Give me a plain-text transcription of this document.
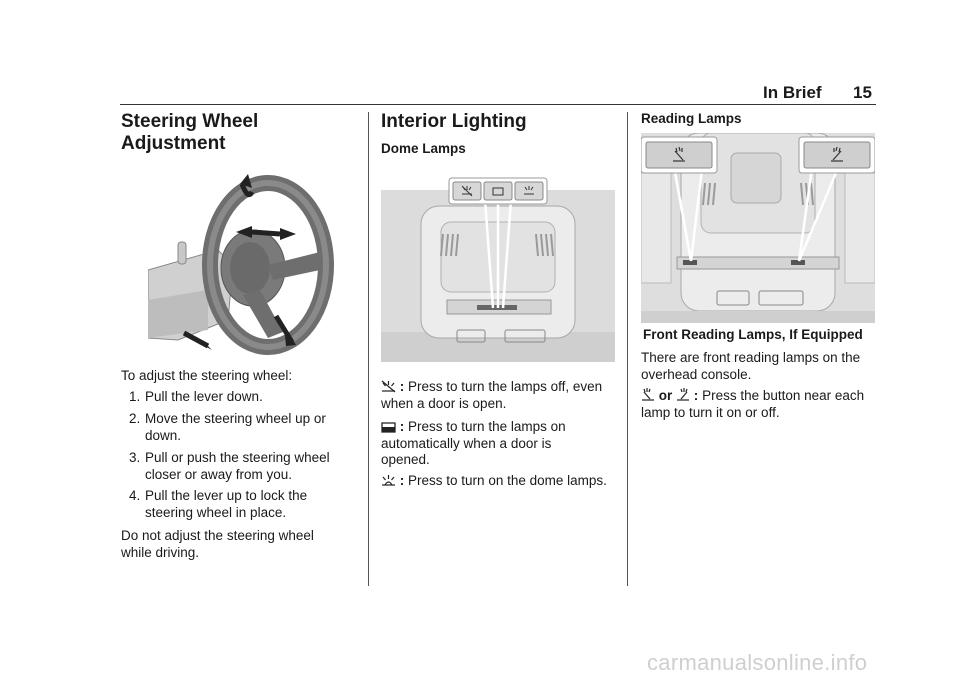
In Brief 15
Steering Wheel
Adjustment
To adjust the steering wheel:
1. Pull the lever down.
2. Move the steering wheel up or down.
3. Pull or push the steering wheel closer or away from you.
4. Pull the lever up to lock the steering wheel in place.
Do not adjust the steering wheel while driving.
Interior Lighting
Dome Lamps
: Press to turn the lamps off, even when a door is open.
: Press to turn the lamps on automatically when a door is opened.
: Press to turn on the dome lamps.
Reading Lamps
Front Reading Lamps, If Equipped
There are front reading lamps on the overhead console.
or : Press the button near each lamp to turn it on or off.
carmanualsonline.info
